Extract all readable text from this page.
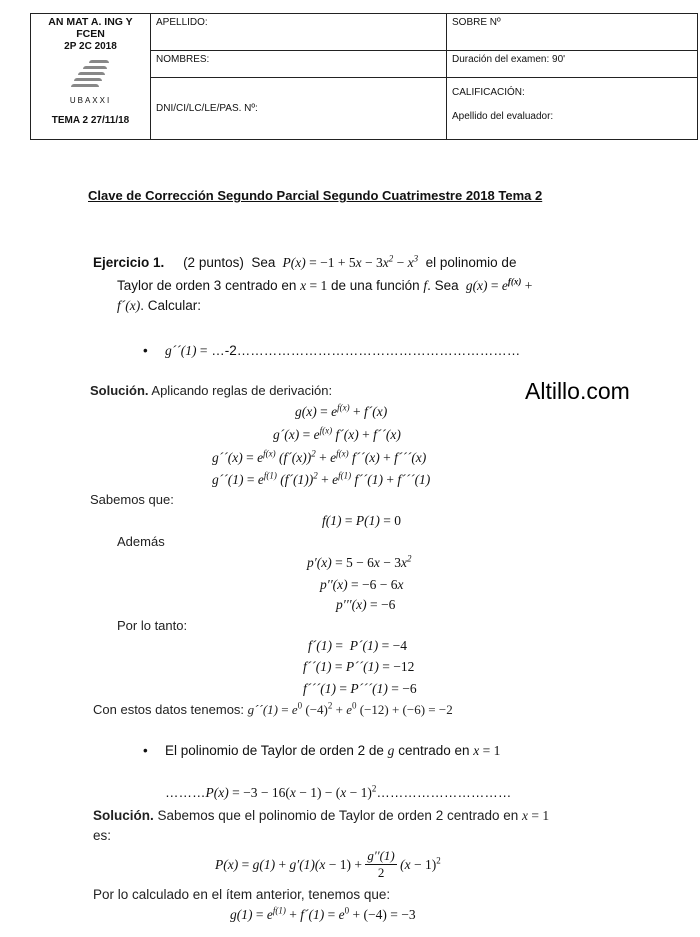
AN MAT A. ING Y FCEN
2P 2C 2018
UBAXXI
TEMA 2 27/11/18	APELLIDO:	SOBRE Nº
	NOMBRES:	Duración del examen: 90'
	DNI/CI/LC/LE/PAS. Nº:	CALIFICACIÓN:
Apellido del evaluador:
Clave de Corrección Segundo Parcial Segundo Cuatrimestre 2018 Tema 2
Ejercicio 1. (2 puntos) Sea  $P(x) = -1 + 5x - 3x^2 - x^3$ el polinomio de
Taylor de orden 3 centrado en x = 1 de una función f. Sea  $g(x) = e^{f(x)}$ +
f´(x). Calcular:
• g´´(1) = …-2………………………………………………………
Altillo.com
Solución. Aplicando reglas de derivación:
$g(x) = e^{f(x)}$ + f´(x)
g´(x) = $e^{f(x)}$ f´(x) + f´´(x)
g´´(x) = $e^{f(x)}$ (f´(x))$^2$ + $e^{f(x)}$ f´´(x) + f´´´(x)
g´´(1) = $e^{f(1)}$ (f´(1))$^2$ + $e^{f(1)}$ f´´(1) + f´´´(1)
Sabemos que:
f(1) = P(1) = 0
Además
$p'(x) = 5 - 6x - 3x^2$
p′′(x) = −6 − 6x
p′′′(x) = −6
Por lo tanto:
f´(1) =  P´(1) = −4
f´´(1) = P´´(1) = −12
f´´´(1) = P´´´(1) = −6
Con estos datos tenemos: g´´(1) = $e^0$ $(-4)^2 + e^0$ (−12) + (−6) = −2
• El polinomio de Taylor de orden 2 de g centrado en x = 1
………P(x) = $-3 - 16(x - 1) - (x - 1)^2\dots\dots\dots\dots\dots\dots\dots\dots\dots\dots$
Solución. Sabemos que el polinomio de Taylor de orden 2 centrado en x = 1
es:
$P(x) = g(1) + g'(1)(x - 1) + \frac{g''(1)}{2} (x - 1)^2$
Por lo calculado en el ítem anterior, tenemos que:
$g(1) = e^{f(1)}$ + f´(1) = $e^0 + (-4) = -3$
